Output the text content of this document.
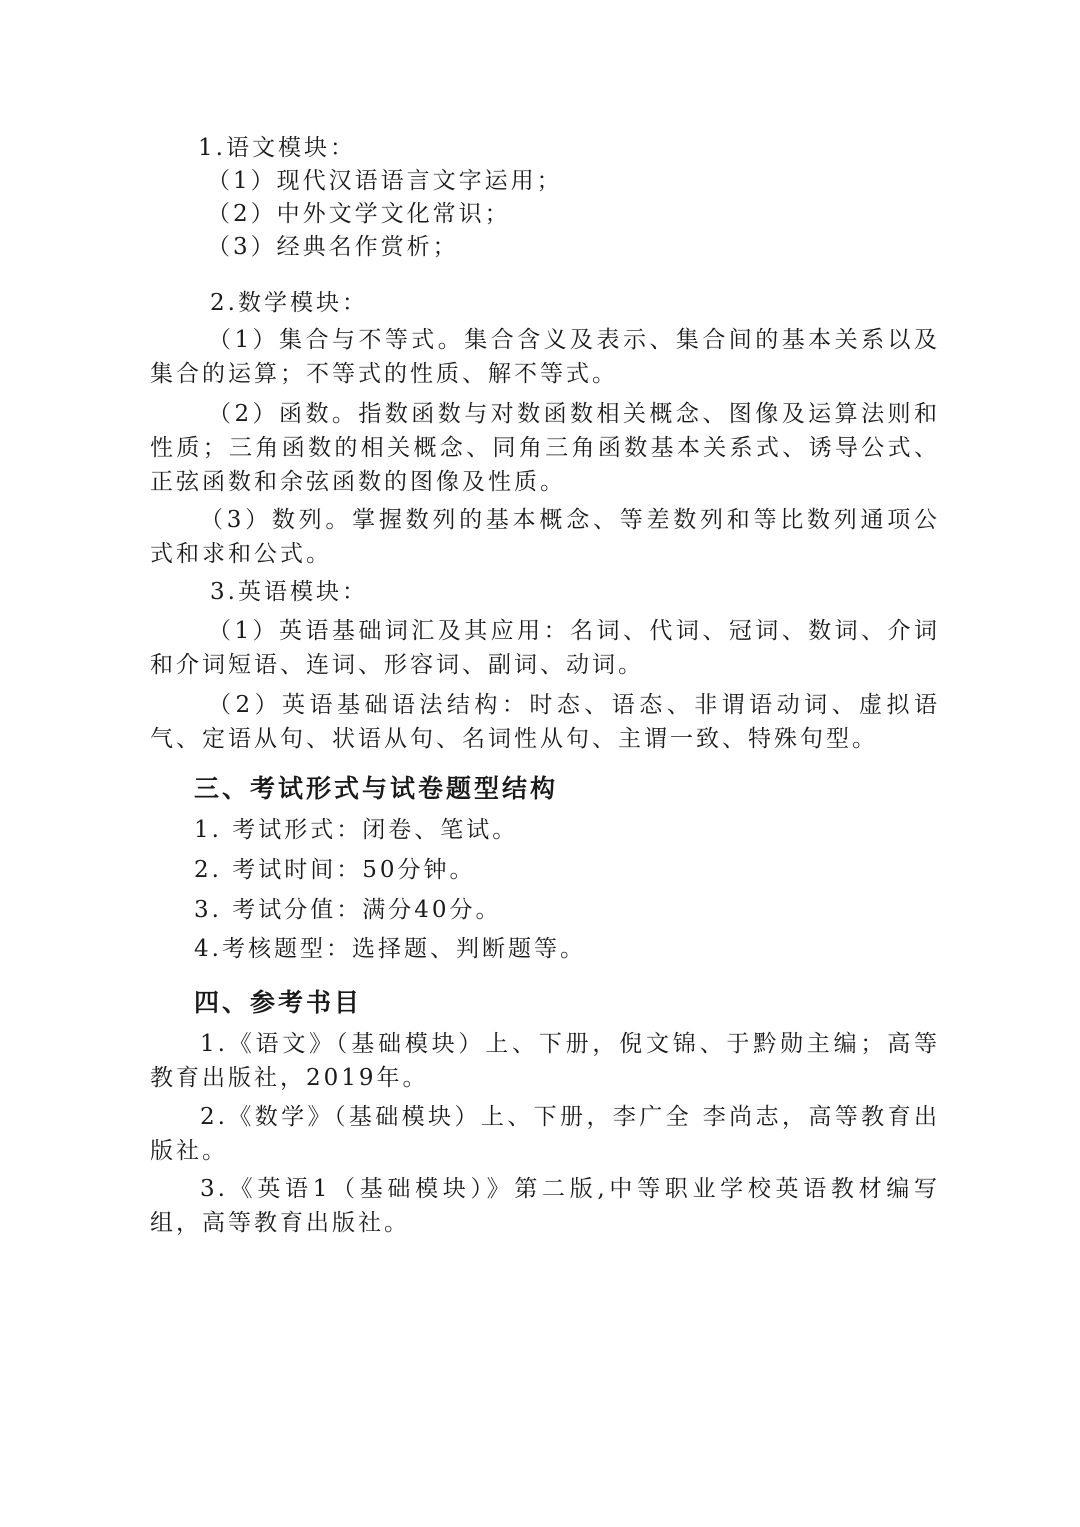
1.语文模块：
（1）现代汉语语言文字运用；
（2）中外文学文化常识；
（3）经典名作赏析；
2.数学模块：
（1）集合与不等式。集合含义及表示、集合间的基本关系以及集合的运算；不等式的性质、解不等式。
（2）函数。指数函数与对数函数相关概念、图像及运算法则和性质；三角函数的相关概念、同角三角函数基本关系式、诱导公式、正弦函数和余弦函数的图像及性质。
（3）数列。掌握数列的基本概念、等差数列和等比数列通项公式和求和公式。
3.英语模块：
（1）英语基础词汇及其应用：名词、代词、冠词、数词、介词和介词短语、连词、形容词、副词、动词。
（2）英语基础语法结构：时态、语态、非谓语动词、虚拟语气、定语从句、状语从句、名词性从句、主谓一致、特殊句型。
三、考试形式与试卷题型结构
1. 考试形式：闭卷、笔试。
2. 考试时间：50分钟。
3. 考试分值：满分40分。
4.考核题型：选择题、判断题等。
四、参考书目
1.《语文》（基础模块）上、下册，倪文锦、于黔勋主编；高等教育出版社，2019年。
2.《数学》（基础模块）上、下册，李广全 李尚志，高等教育出版社。
3.《英语1（基础模块）》第二版,中等职业学校英语教材编写组，高等教育出版社。
